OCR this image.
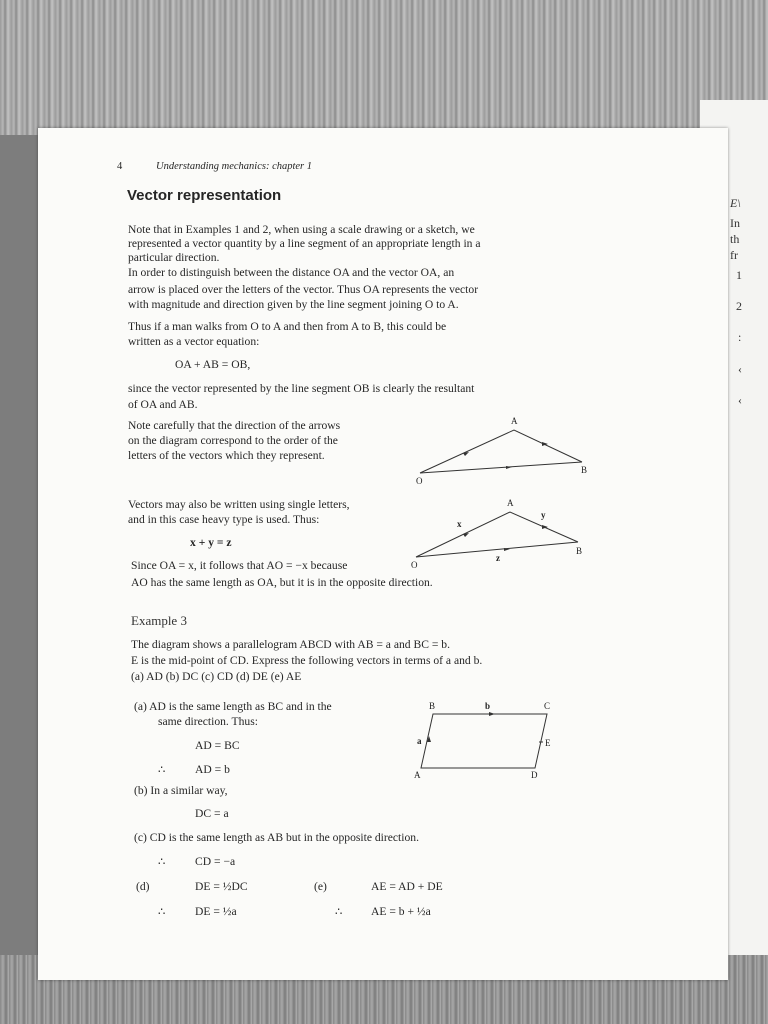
E\
In
th
fr
1
2
:
‹
‹
4	Understanding mechanics: chapter 1
Vector representation
Note that in Examples 1 and 2, when using a scale drawing or a sketch, we
represented a vector quantity by a line segment of an appropriate length in a
particular direction.
In order to distinguish between the distance OA and the vector OA, an
arrow is placed over the letters of the vector. Thus OA represents the vector
with magnitude and direction given by the line segment joining O to A.
Thus if a man walks from O to A and then from A to B, this could be
written as a vector equation:
OA + AB = OB,
since the vector represented by the line segment OB is clearly the resultant
of OA and AB.
Note carefully that the direction of the arrows
on the diagram correspond to the order of the
letters of the vectors which they represent.
A
O
B
Vectors may also be written using single letters,
and in this case heavy type is used. Thus:
x + y = z
A
x
y
O
z
B
Since OA = x, it follows that AO = −x because
AO has the same length as OA, but it is in the opposite direction.
Example 3
The diagram shows a parallelogram ABCD with AB = a and BC = b.
E is the mid-point of CD. Express the following vectors in terms of a and b.
(a) AD (b) DC (c) CD (d) DE (e) AE
(a) AD is the same length as BC and in the
same direction. Thus:
AD = BC
∴	AD = b
B	b	C
a	E
A	D
(b) In a similar way,
DC = a
(c) CD is the same length as AB but in the opposite direction.
∴	CD = −a
(d)	DE = ½DC
∴	DE = ½a
(e)	AE = AD + DE
∴ AE = b + ½a
